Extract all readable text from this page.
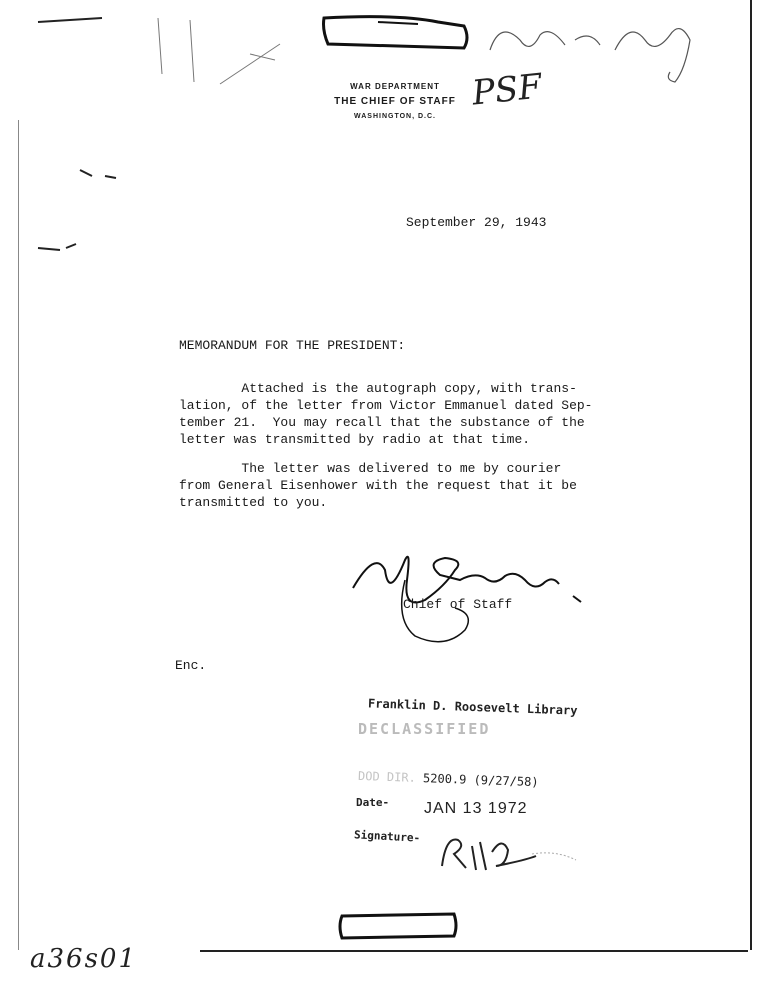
WAR DEPARTMENT
THE CHIEF OF STAFF
WASHINGTON, D.C.
PSF
September 29, 1943
MEMORANDUM FOR THE PRESIDENT:
Attached is the autograph copy, with trans-
lation, of the letter from Victor Emmanuel dated Sep-
tember 21.  You may recall that the substance of the
letter was transmitted by radio at that time.
The letter was delivered to me by courier
from General Eisenhower with the request that it be
transmitted to you.
Chief of Staff
Enc.
Franklin D. Roosevelt Library
DECLASSIFIED
DOD DIR. 5200.9 (9/27/58)
Date- JAN 13 1972
Signature-
a36s01
